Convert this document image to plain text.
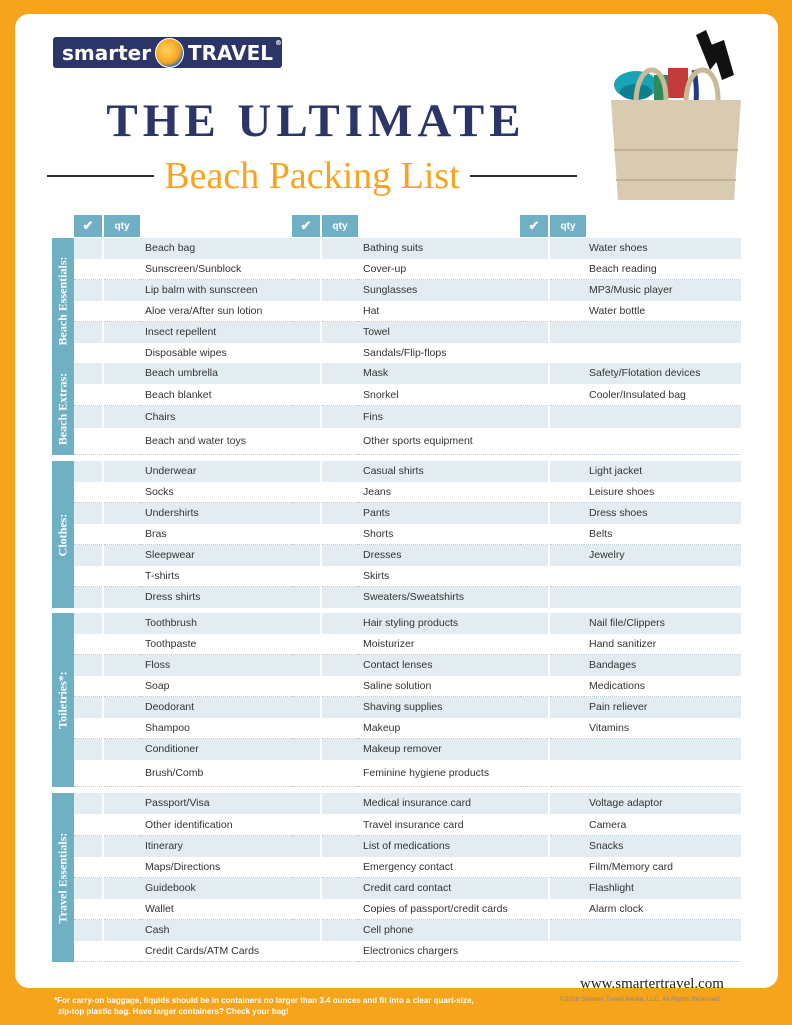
smarter TRAVEL ®
THE ULTIMATE
Beach Packing List
✔	qty	✔	qty	✔	qty
Beach Essentials:
Beach bag	Bathing suits	Water shoes
Sunscreen/Sunblock	Cover-up	Beach reading
Lip balm with sunscreen	Sunglasses	MP3/Music player
Aloe vera/After sun lotion	Hat	Water bottle
Insect repellent	Towel
Disposable wipes	Sandals/Flip-flops
Beach Extras:	Beach umbrella	Mask	Safety/Flotation devices
Beach blanket	Snorkel	Cooler/Insulated bag
Chairs	Fins
Beach and water toys	Other sports equipment
Clothes:
Underwear	Casual shirts	Light jacket
Socks	Jeans	Leisure shoes
Undershirts	Pants	Dress shoes
Bras	Shorts	Belts
Sleepwear	Dresses	Jewelry
T-shirts	Skirts
Dress shirts	Sweaters/Sweatshirts
Toiletries*:
Toothbrush	Hair styling products	Nail file/Clippers
Toothpaste	Moisturizer	Hand sanitizer
Floss	Contact lenses	Bandages
Soap	Saline solution	Medications
Deodorant	Shaving supplies	Pain reliever
Shampoo	Makeup	Vitamins
Conditioner	Makeup remover
Brush/Comb	Feminine hygiene products
Travel Essentials:
Passport/Visa	Medical insurance card	Voltage adaptor
Other identification	Travel insurance card	Camera
Itinerary	List of medications	Snacks
Maps/Directions	Emergency contact	Film/Memory card
Guidebook	Credit card contact	Flashlight
Wallet	Copies of passport/credit cards	Alarm clock
Cash	Cell phone
Credit Cards/ATM Cards	Electronics chargers
*For carry-on baggage, liquids should be in containers no larger than 3.4 ounces and fit into a clear quart-size,
zip-top plastic bag. Have larger containers? Check your bag!
www.smartertravel.com
©2016 Smarter Travel Media, LLC. All Rights Reserved.
